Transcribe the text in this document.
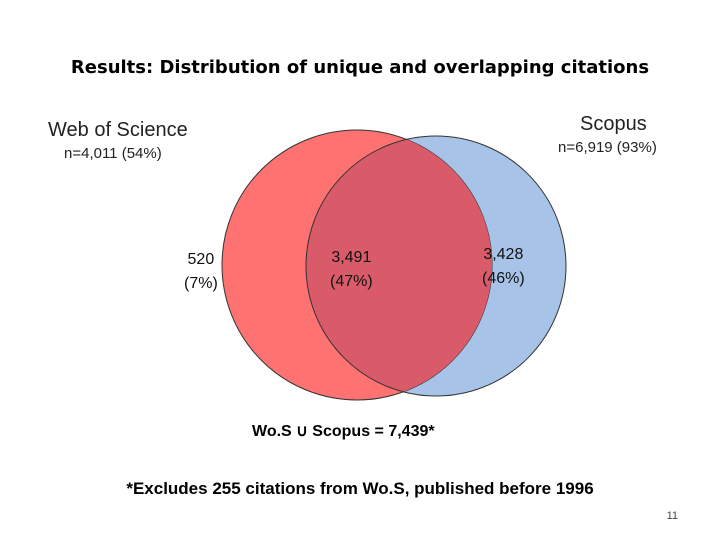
Results: Distribution of unique and overlapping citations
Web of Science
n=4,011 (54%)
Scopus
n=6,919 (93%)
520
(7%)
3,491
(47%)
3,428
(46%)
Wo.S ∪ Scopus = 7,439*
*Excludes 255 citations from Wo.S, published before 1996
11
